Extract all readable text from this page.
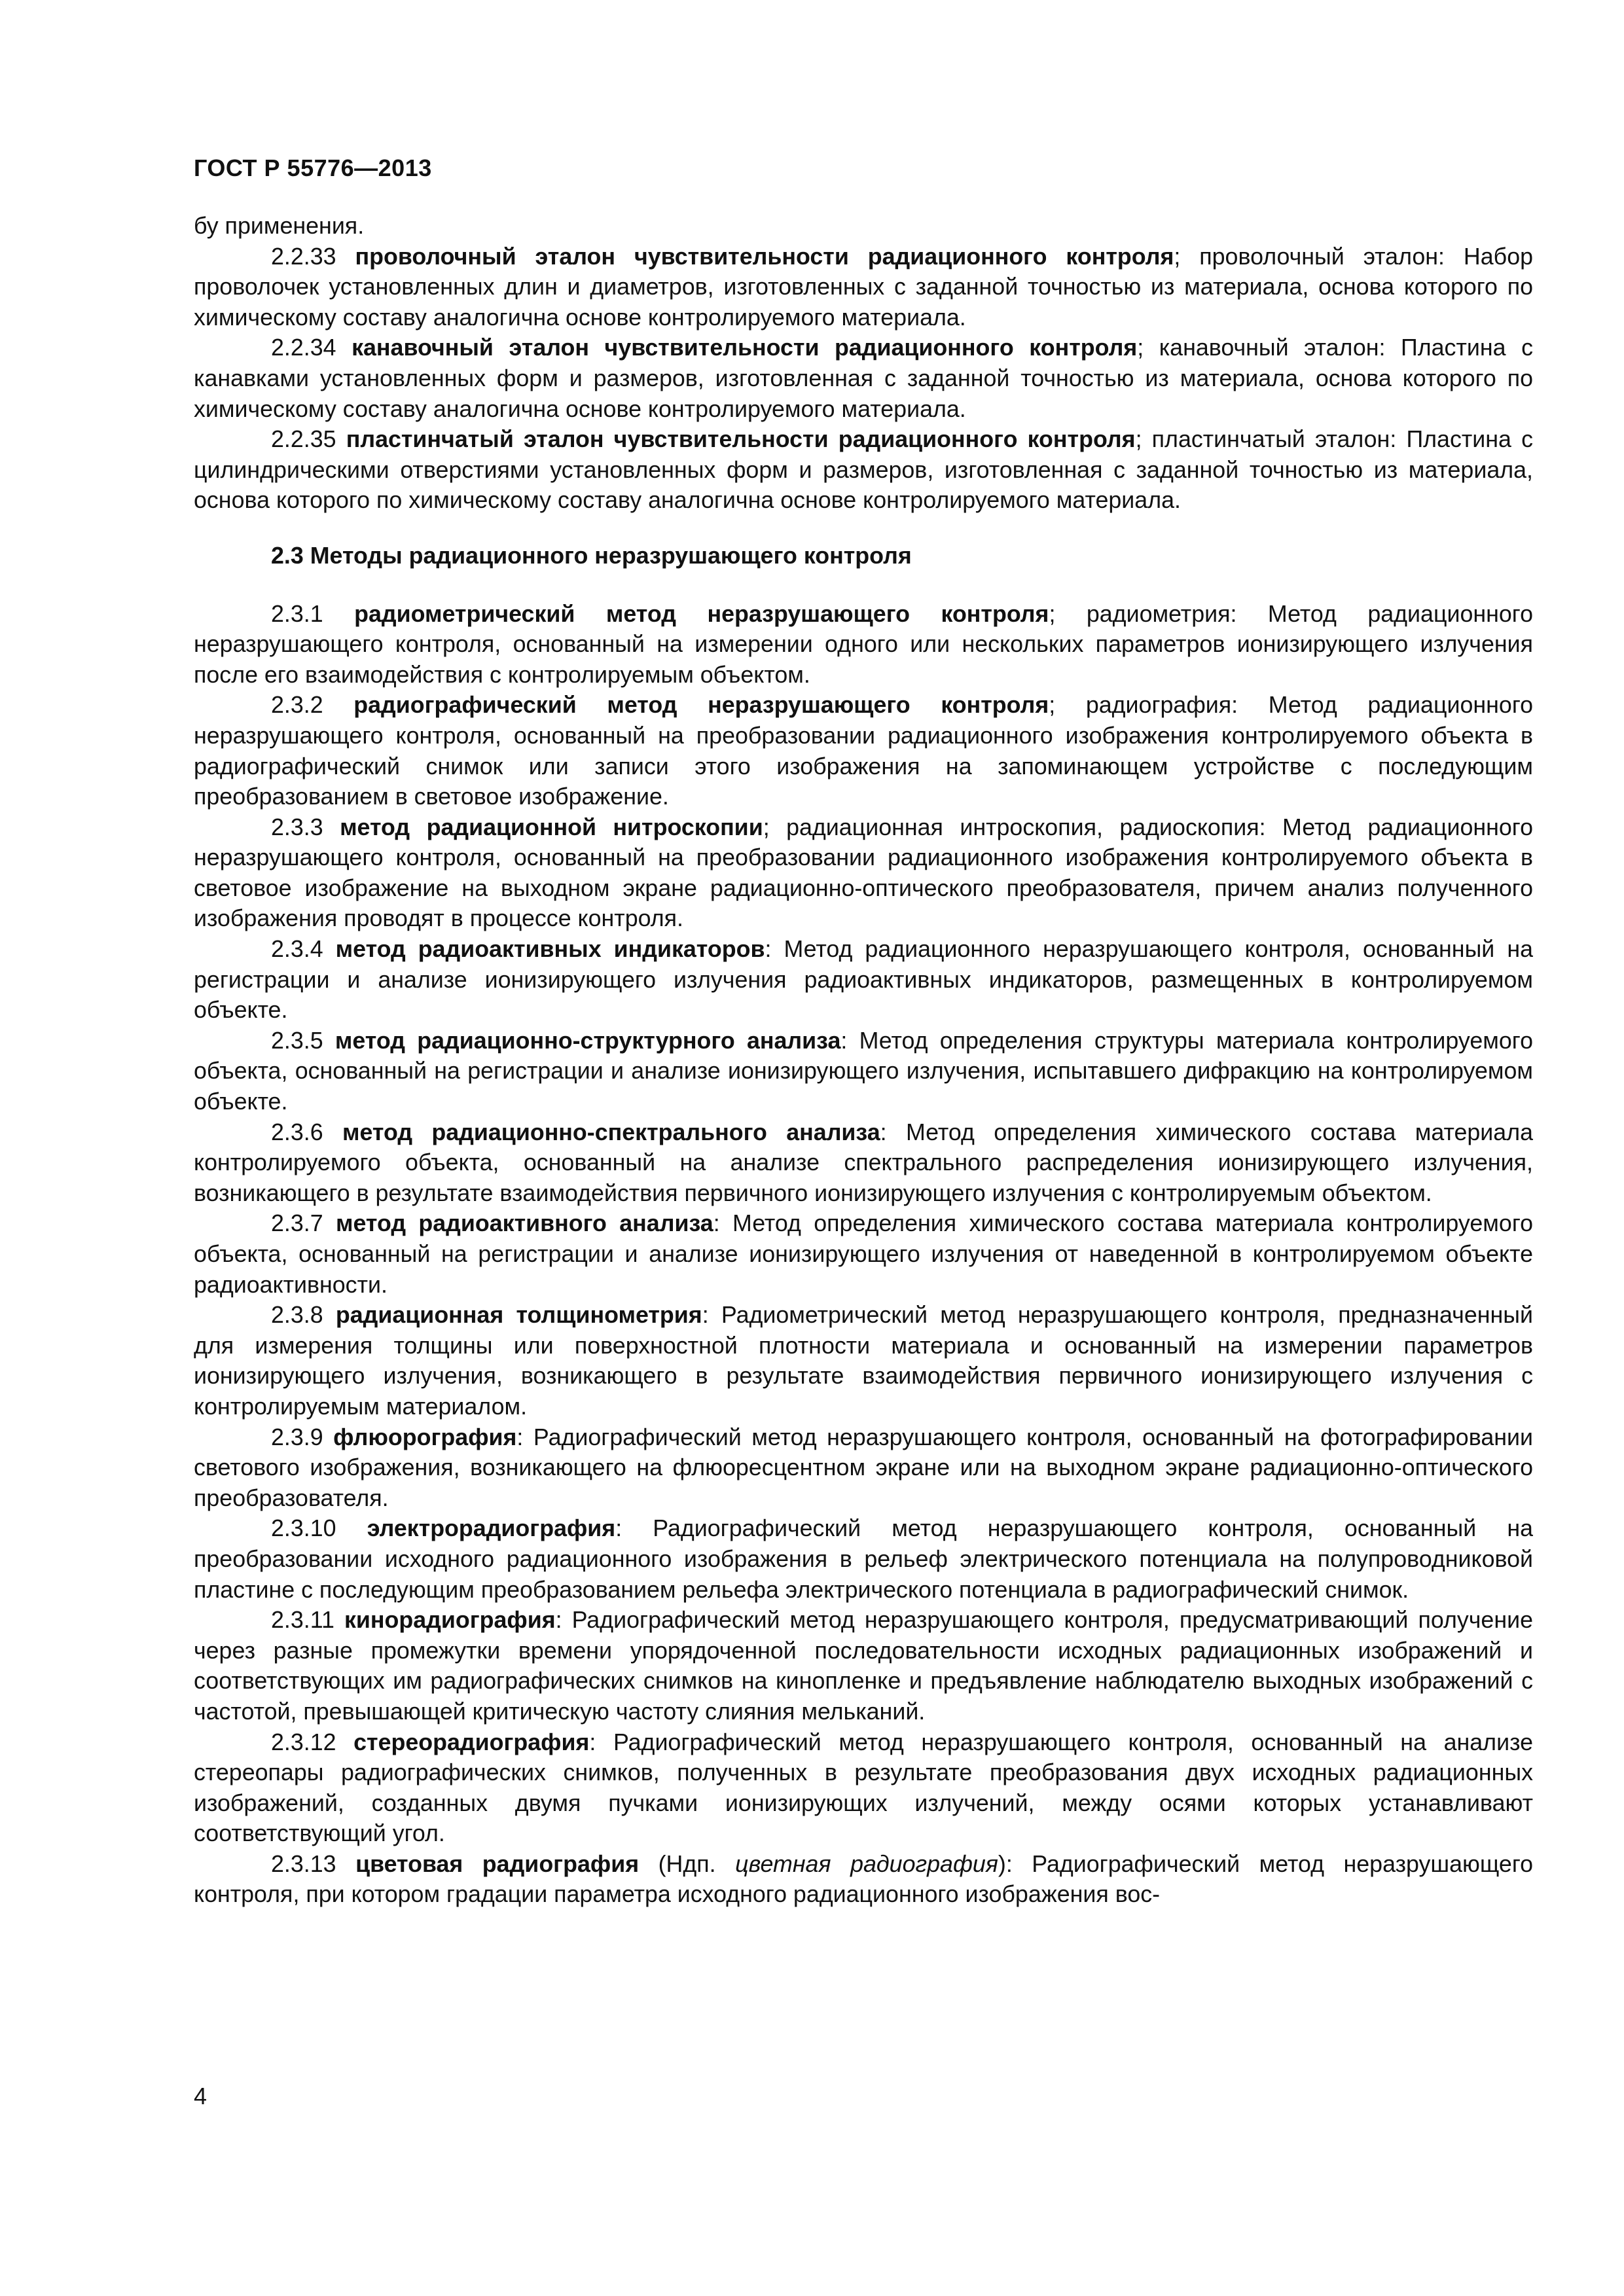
ГОСТ Р 55776—2013

бу применения.

2.2.33 проволочный эталон чувствительности радиационного контроля; проволочный эталон: Набор проволочек установленных длин и диаметров, изготовленных с заданной точностью из материала, основа которого по химическому составу аналогична основе контролируемого материала.

2.2.34 канавочный эталон чувствительности радиационного контроля; канавочный эталон: Пластина с канавками установленных форм и размеров, изготовленная с заданной точностью из материала, основа которого по химическому составу аналогична основе контролируемого материала.

2.2.35 пластинчатый эталон чувствительности радиационного контроля; пластинчатый эталон: Пластина с цилиндрическими отверстиями установленных форм и размеров, изготовленная с заданной точностью из материала, основа которого по химическому составу аналогична основе контролируемого материала.

2.3 Методы радиационного неразрушающего контроля

2.3.1 радиометрический метод неразрушающего контроля; радиометрия: Метод радиационного неразрушающего контроля, основанный на измерении одного или нескольких параметров ионизирующего излучения после его взаимодействия с контролируемым объектом.

2.3.2 радиографический метод неразрушающего контроля; радиография: Метод радиационного неразрушающего контроля, основанный на преобразовании радиационного изображения контролируемого объекта в радиографический снимок или записи этого изображения на запоминающем устройстве с последующим преобразованием в световое изображение.

2.3.3 метод радиационной нитроскопии; радиационная интроскопия, радиоскопия: Метод радиационного неразрушающего контроля, основанный на преобразовании радиационного изображения контролируемого объекта в световое изображение на выходном экране радиационно-оптического преобразователя, причем анализ полученного изображения проводят в процессе контроля.

2.3.4 метод радиоактивных индикаторов: Метод радиационного неразрушающего контроля, основанный на регистрации и анализе ионизирующего излучения радиоактивных индикаторов, размещенных в контролируемом объекте.

2.3.5 метод радиационно-структурного анализа: Метод определения структуры материала контролируемого объекта, основанный на регистрации и анализе ионизирующего излучения, испытавшего дифракцию на контролируемом объекте.

2.3.6 метод радиационно-спектрального анализа: Метод определения химического состава материала контролируемого объекта, основанный на анализе спектрального распределения ионизирующего излучения, возникающего в результате взаимодействия первичного ионизирующего излучения с контролируемым объектом.

2.3.7 метод радиоактивного анализа: Метод определения химического состава материала контролируемого объекта, основанный на регистрации и анализе ионизирующего излучения от наведенной в контролируемом объекте радиоактивности.

2.3.8 радиационная толщинометрия: Радиометрический метод неразрушающего контроля, предназначенный для измерения толщины или поверхностной плотности материала и основанный на измерении параметров ионизирующего излучения, возникающего в результате взаимодействия первичного ионизирующего излучения с контролируемым материалом.

2.3.9 флюорография: Радиографический метод неразрушающего контроля, основанный на фотографировании светового изображения, возникающего на флюоресцентном экране или на выходном экране радиационно-оптического преобразователя.

2.3.10 электрорадиография: Радиографический метод неразрушающего контроля, основанный на преобразовании исходного радиационного изображения в рельеф электрического потенциала на полупроводниковой пластине с последующим преобразованием рельефа электрического потенциала в радиографический снимок.

2.3.11 кинорадиография: Радиографический метод неразрушающего контроля, предусматривающий получение через разные промежутки времени упорядоченной последовательности исходных радиационных изображений и соответствующих им радиографических снимков на кинопленке и предъявление наблюдателю выходных изображений с частотой, превышающей критическую частоту слияния мельканий.

2.3.12 стереорадиография: Радиографический метод неразрушающего контроля, основанный на анализе стереопары радиографических снимков, полученных в результате преобразования двух исходных радиационных изображений, созданных двумя пучками ионизирующих излучений, между осями которых устанавливают соответствующий угол.

2.3.13 цветовая радиография (Ндп. цветная радиография): Радиографический метод неразрушающего контроля, при котором градации параметра исходного радиационного изображения вос-

4
